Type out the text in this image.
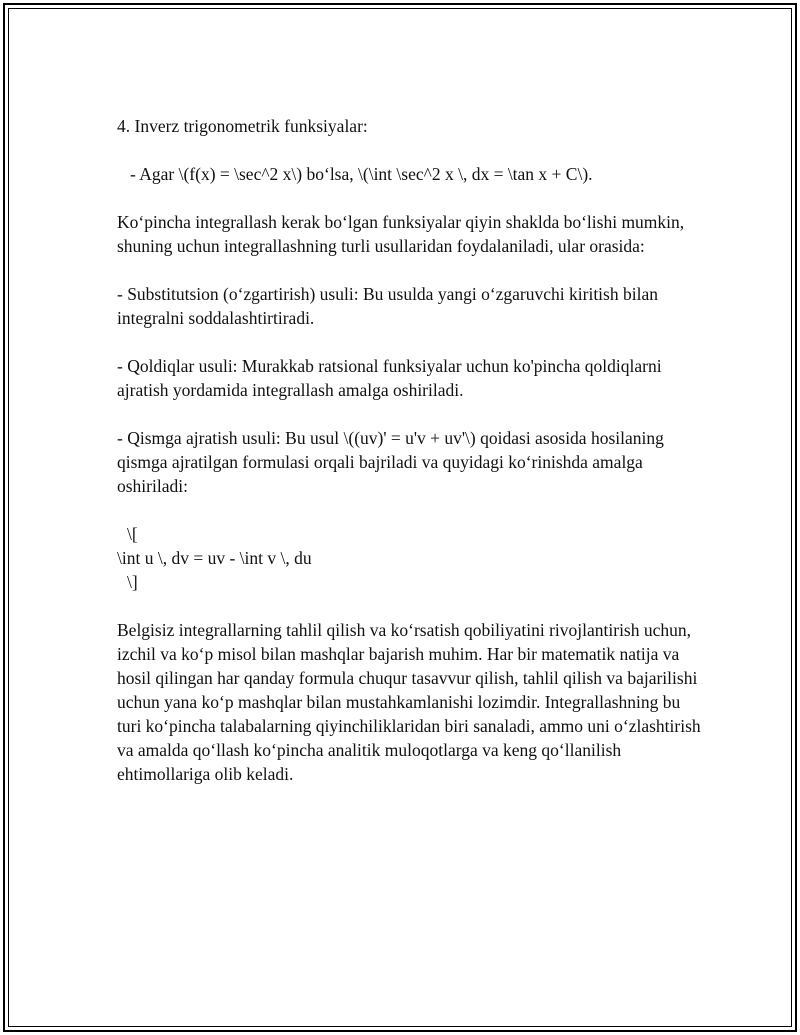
4. Inverz trigonometrik funksiyalar:

- Agar \(f(x) = \sec^2 x\) bo‘lsa, \(\int \sec^2 x \, dx = \tan x + C\).

Ko‘pincha integrallash kerak bo‘lgan funksiyalar qiyin shaklda bo‘lishi mumkin, shuning uchun integrallashning turli usullaridan foydalaniladi, ular orasida:

- Substitutsion (o‘zgartirish) usuli: Bu usulda yangi o‘zgaruvchi kiritish bilan integralni soddalashtirtiradi.

- Qoldiqlar usuli: Murakkab ratsional funksiyalar uchun ko'pincha qoldiqlarni ajratish yordamida integrallash amalga oshiriladi.

- Qismga ajratish usuli: Bu usul \((uv)' = u'v + uv'\) qoidasi asosida hosilaning qismga ajratilgan formulasi orqali bajriladi va quyidagi ko‘rinishda amalga oshiriladi:

\[
\int u \, dv = uv - \int v \, du
\]

Belgisiz integrallarning tahlil qilish va ko‘rsatish qobiliyatini rivojlantirish uchun, izchil va ko‘p misol bilan mashqlar bajarish muhim. Har bir matematik natija va hosil qilingan har qanday formula chuqur tasavvur qilish, tahlil qilish va bajarilishi uchun yana ko‘p mashqlar bilan mustahkamlanishi lozimdir. Integrallashning bu turi ko‘pincha talabalarning qiyinchiliklaridan biri sanaladi, ammo uni o‘zlashtirish va amalda qo‘llash ko‘pincha analitik muloqotlarga va keng qo‘llanilish ehtimollariga olib keladi.
